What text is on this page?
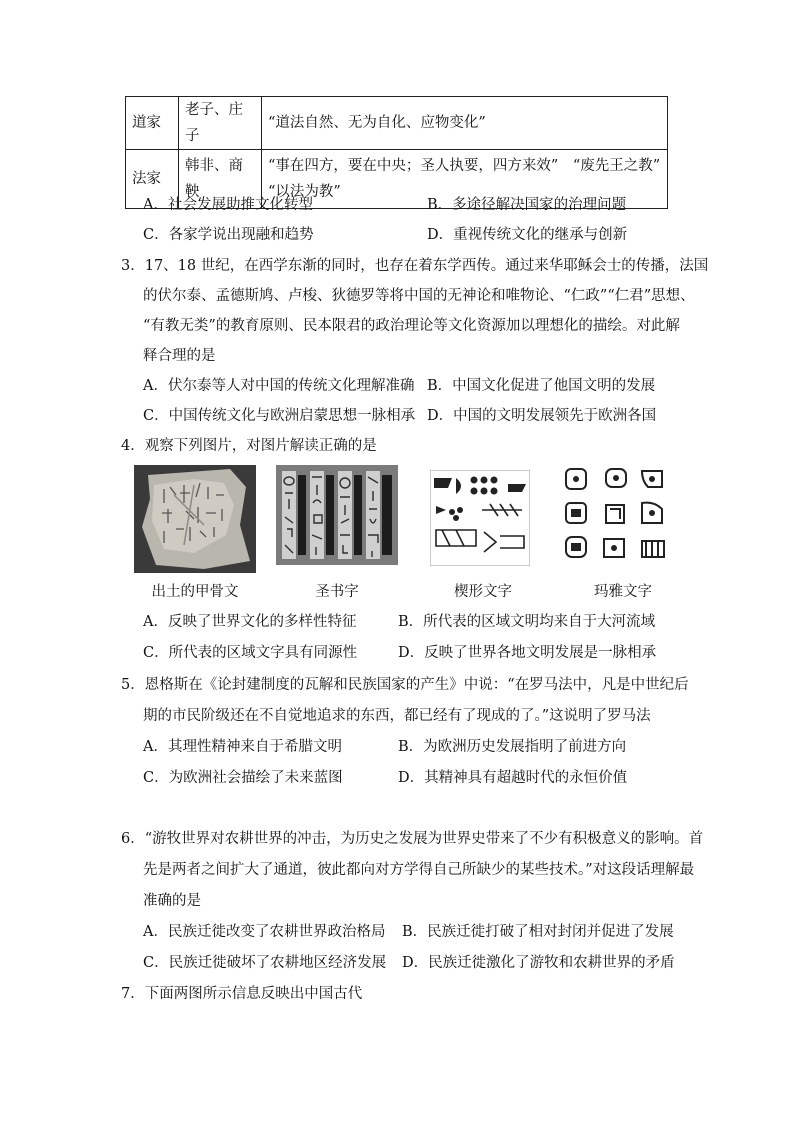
道家	老子、庄子	“道法自然、无为自化、应物变化”
法家	韩非、商鞅	“事在四方，要在中央；圣人执要，四方来效”　“废先王之教”
“以法为教”
A．社会发展助推文化转型	B．多途径解决国家的治理问题
C．各家学说出现融和趋势	D．重视传统文化的继承与创新
3．17、18 世纪，在西学东渐的同时，也存在着东学西传。通过来华耶稣会士的传播，法国
的伏尔泰、孟德斯鸠、卢梭、狄德罗等将中国的无神论和唯物论、“仁政”“仁君”思想、
“有教无类”的教育原则、民本限君的政治理论等文化资源加以理想化的描绘。对此解
释合理的是
A．伏尔泰等人对中国的传统文化理解准确 B．中国文化促进了他国文明的发展
C．中国传统文化与欧洲启蒙思想一脉相承 D．中国的文明发展领先于欧洲各国
4．观察下列图片，对图片解读正确的是
出土的甲骨文	圣书字	楔形文字	玛雅文字
A．反映了世界文化的多样性特征	B．所代表的区域文明均来自于大河流域
C．所代表的区域文字具有同源性	D．反映了世界各地文明发展是一脉相承
5．恩格斯在《论封建制度的瓦解和民族国家的产生》中说：“在罗马法中，凡是中世纪后
期的市民阶级还在不自觉地追求的东西，都已经有了现成的了。”这说明了罗马法
A．其理性精神来自于希腊文明	B．为欧洲历史发展指明了前进方向
C．为欧洲社会描绘了未来蓝图	D．其精神具有超越时代的永恒价值
6．“游牧世界对农耕世界的冲击，为历史之发展为世界史带来了不少有积极意义的影响。首
先是两者之间扩大了通道，彼此都向对方学得自己所缺少的某些技术。”对这段话理解最
准确的是
A．民族迁徙改变了农耕世界政治格局 B．民族迁徙打破了相对封闭并促进了发展
C．民族迁徙破坏了农耕地区经济发展 D．民族迁徙激化了游牧和农耕世界的矛盾
7．下面两图所示信息反映出中国古代
